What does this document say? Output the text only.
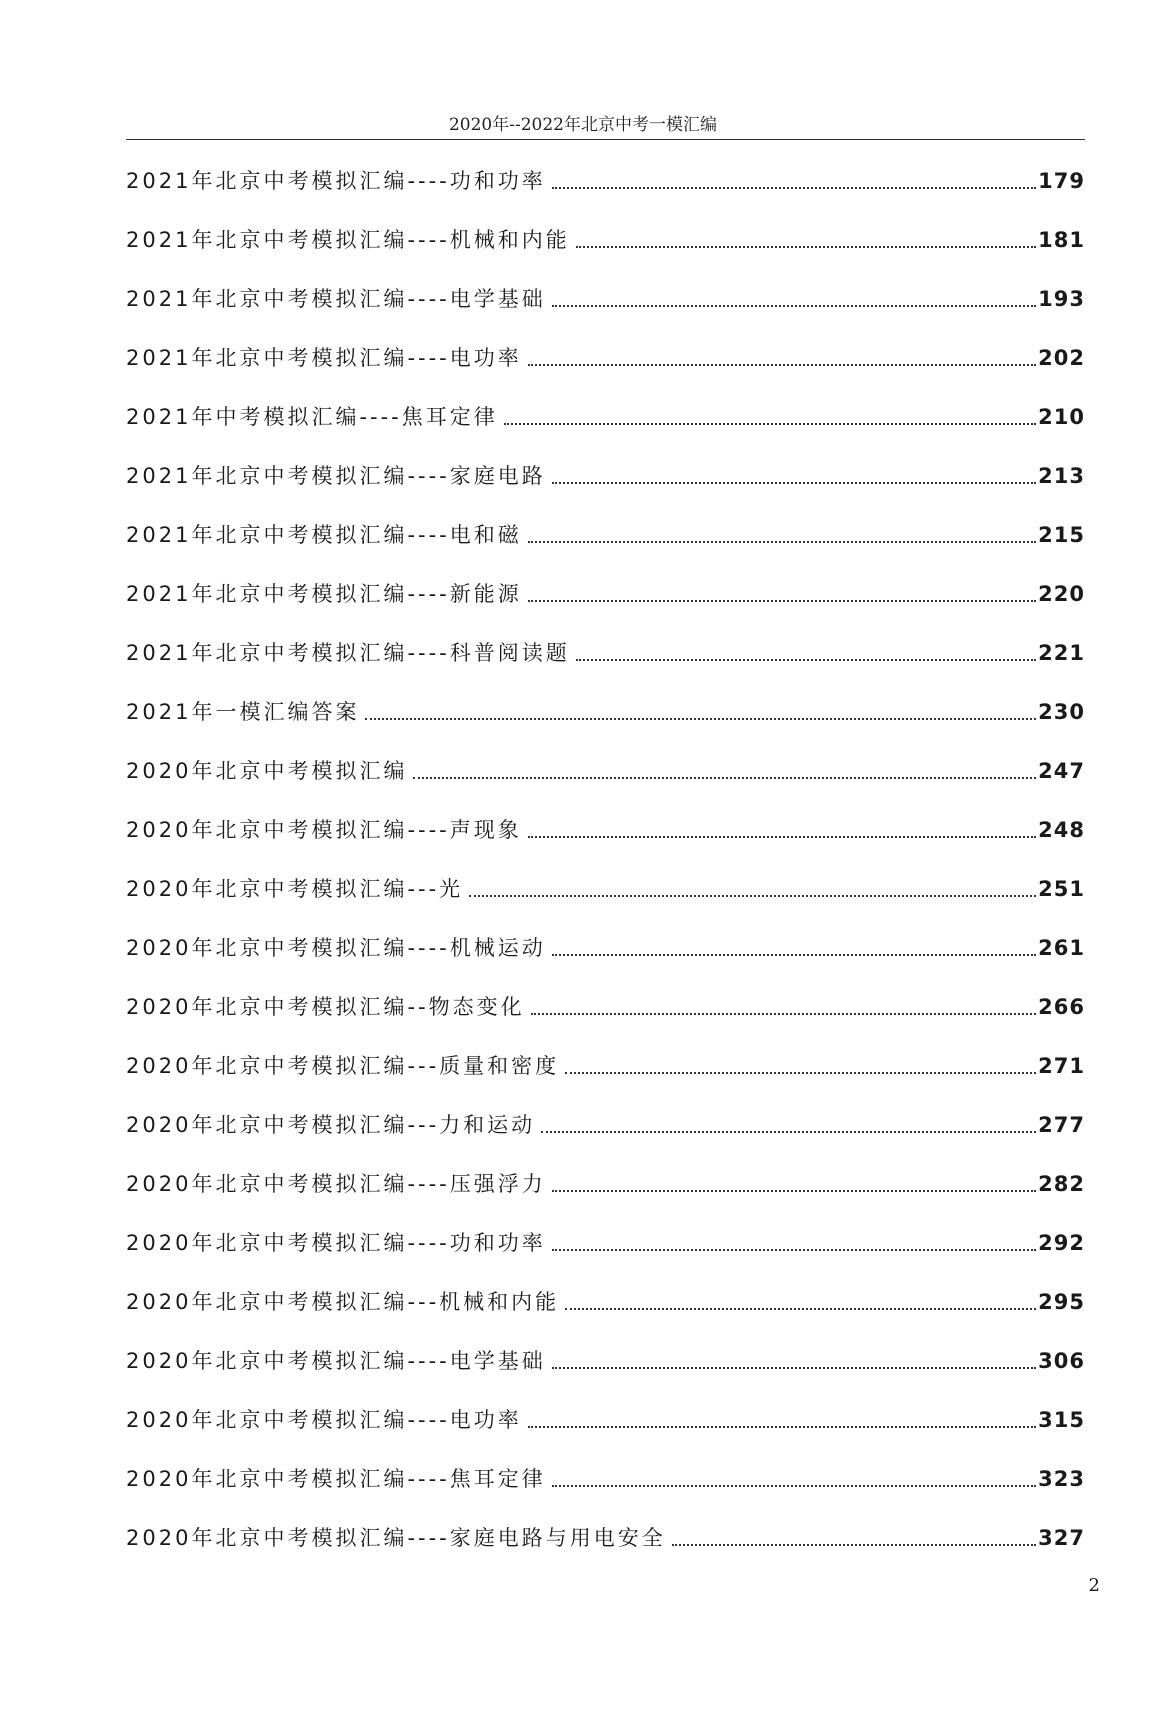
2020年--2022年北京中考一模汇编
2021年北京中考模拟汇编----功和功率	179
2021年北京中考模拟汇编----机械和内能	181
2021年北京中考模拟汇编----电学基础	193
2021年北京中考模拟汇编----电功率	202
2021年中考模拟汇编----焦耳定律	210
2021年北京中考模拟汇编----家庭电路	213
2021年北京中考模拟汇编----电和磁	215
2021年北京中考模拟汇编----新能源	220
2021年北京中考模拟汇编----科普阅读题	221
2021年一模汇编答案	230
2020年北京中考模拟汇编	247
2020年北京中考模拟汇编----声现象	248
2020年北京中考模拟汇编---光	251
2020年北京中考模拟汇编----机械运动	261
2020年北京中考模拟汇编--物态变化	266
2020年北京中考模拟汇编---质量和密度	271
2020年北京中考模拟汇编---力和运动	277
2020年北京中考模拟汇编----压强浮力	282
2020年北京中考模拟汇编----功和功率	292
2020年北京中考模拟汇编---机械和内能	295
2020年北京中考模拟汇编----电学基础	306
2020年北京中考模拟汇编----电功率	315
2020年北京中考模拟汇编----焦耳定律	323
2020年北京中考模拟汇编----家庭电路与用电安全	327
2
